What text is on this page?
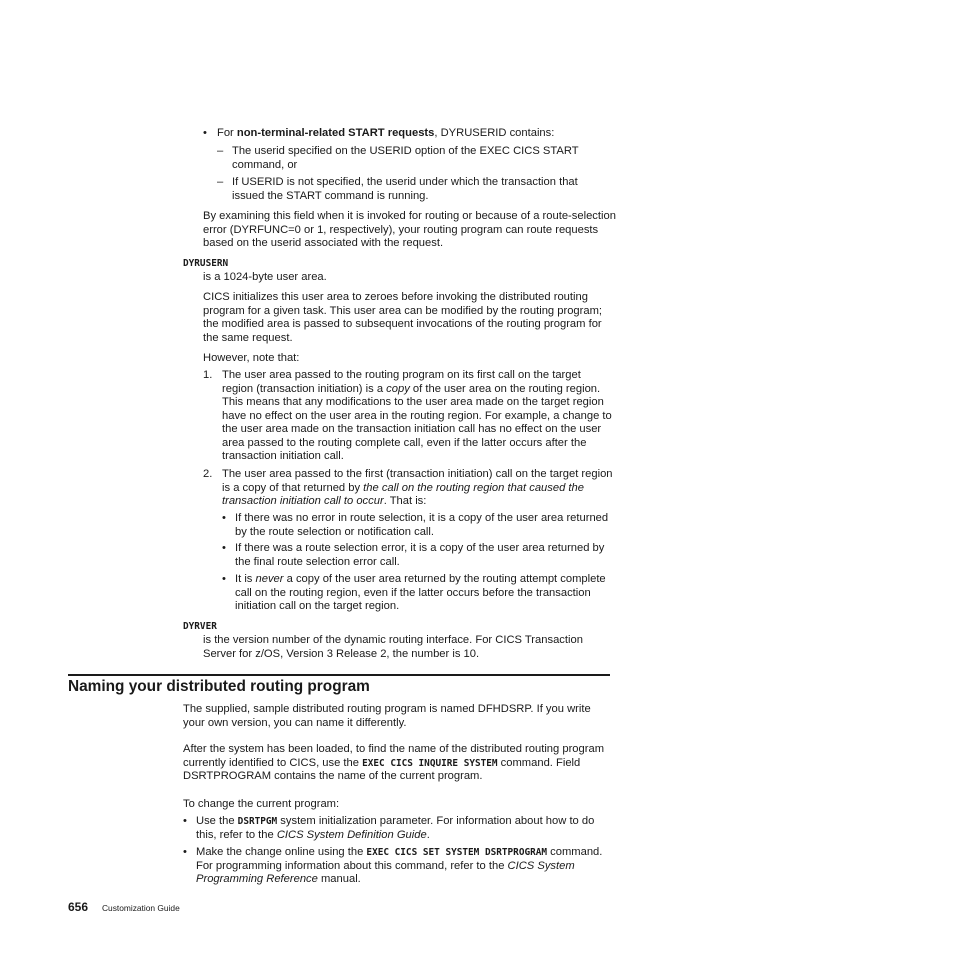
• For non-terminal-related START requests, DYRUSERID contains:
– The userid specified on the USERID option of the EXEC CICS START command, or
– If USERID is not specified, the userid under which the transaction that issued the START command is running.

By examining this field when it is invoked for routing or because of a route-selection error (DYRFUNC=0 or 1, respectively), your routing program can route requests based on the userid associated with the request.

DYRUSERN

is a 1024-byte user area.

CICS initializes this user area to zeroes before invoking the distributed routing program for a given task. This user area can be modified by the routing program; the modified area is passed to subsequent invocations of the routing program for the same request.

However, note that:

1. The user area passed to the routing program on its first call on the target region (transaction initiation) is a copy of the user area on the routing region. This means that any modifications to the user area made on the target region have no effect on the user area in the routing region. For example, a change to the user area made on the transaction initiation call has no effect on the user area passed to the routing complete call, even if the latter occurs after the transaction initiation call.
2. The user area passed to the first (transaction initiation) call on the target region is a copy of that returned by the call on the routing region that caused the transaction initiation call to occur. That is:
• If there was no error in route selection, it is a copy of the user area returned by the route selection or notification call.
• If there was a route selection error, it is a copy of the user area returned by the final route selection error call.
• It is never a copy of the user area returned by the routing attempt complete call on the routing region, even if the latter occurs before the transaction initiation call on the target region.
DYRVER

is the version number of the dynamic routing interface. For CICS Transaction Server for z/OS, Version 3 Release 2, the number is 10.

Naming your distributed routing program

The supplied, sample distributed routing program is named DFHDSRP. If you write your own version, you can name it differently.

After the system has been loaded, to find the name of the distributed routing program currently identified to CICS, use the EXEC CICS INQUIRE SYSTEM command. Field DSRTPROGRAM contains the name of the current program.

To change the current program:

• Use the DSRTPGM system initialization parameter. For information about how to do this, refer to the CICS System Definition Guide.
• Make the change online using the EXEC CICS SET SYSTEM DSRTPROGRAM command. For programming information about this command, refer to the CICS System Programming Reference manual.
656 Customization Guide
